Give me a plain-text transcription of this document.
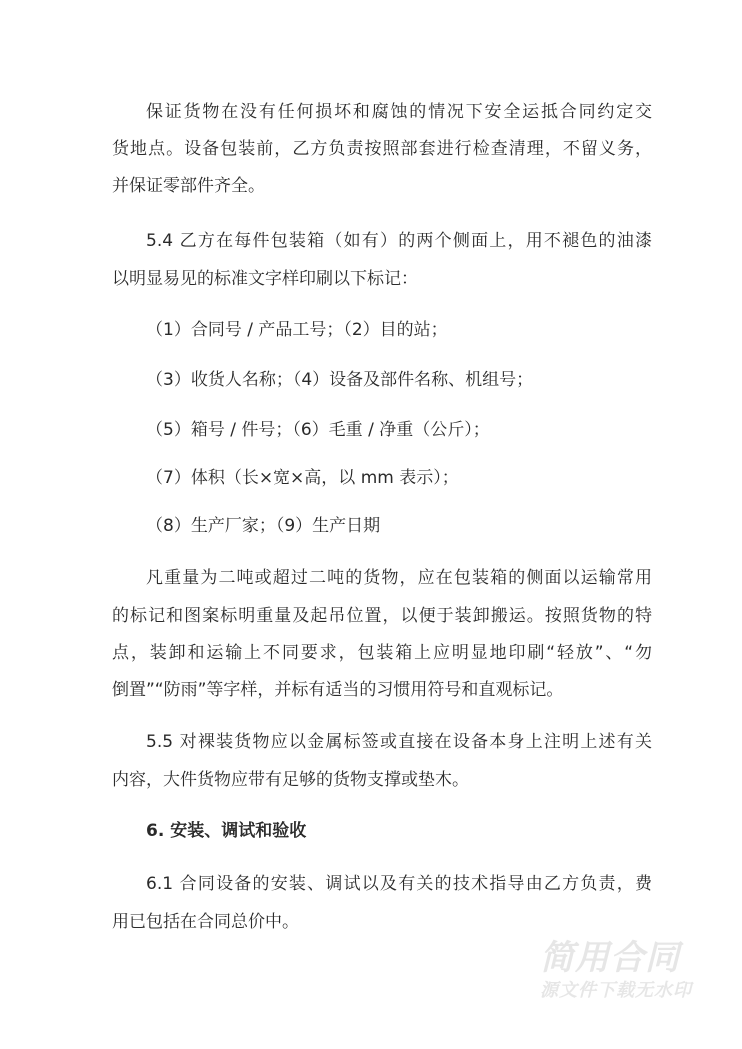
保证货物在没有任何损坏和腐蚀的情况下安全运抵合同约定交
货地点。设备包装前，乙方负责按照部套进行检查清理，不留义务，
并保证零部件齐全。
5.4 乙方在每件包装箱（如有）的两个侧面上，用不褪色的油漆
以明显易见的标准文字样印刷以下标记：
（1）合同号 / 产品工号；（2）目的站；
（3）收货人名称；（4）设备及部件名称、机组号；
（5）箱号 / 件号；（6）毛重 / 净重（公斤）；
（7）体积（长×宽×高，以 mm 表示）；
（8）生产厂家；（9）生产日期
凡重量为二吨或超过二吨的货物，应在包装箱的侧面以运输常用
的标记和图案标明重量及起吊位置，以便于装卸搬运。按照货物的特
点，装卸和运输上不同要求，包装箱上应明显地印刷“轻放”、“勿
倒置”“防雨”等字样，并标有适当的习惯用符号和直观标记。
5.5 对裸装货物应以金属标签或直接在设备本身上注明上述有关
内容，大件货物应带有足够的货物支撑或垫木。
6. 安装、调试和验收
6.1 合同设备的安装、调试以及有关的技术指导由乙方负责，费
用已包括在合同总价中。
简用合同
源文件下载无水印
